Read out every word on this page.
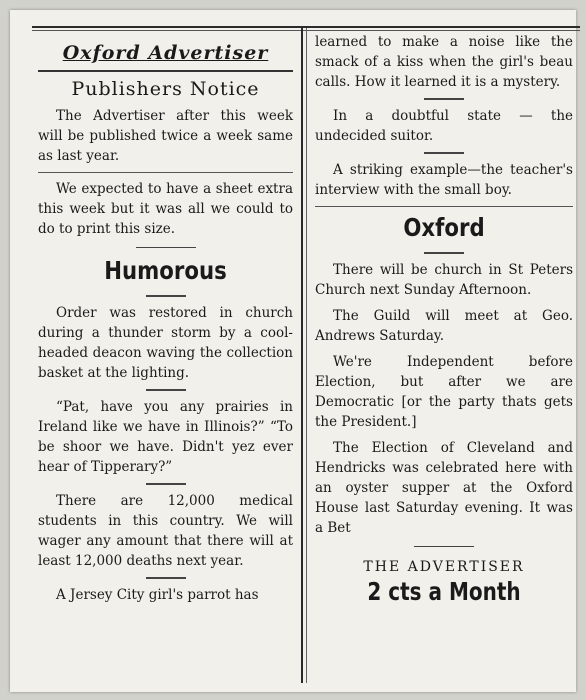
Oxford Advertiser
Publishers Notice

The Advertiser after this week will be published twice a week same as last year.

We expected to have a sheet extra this week but it was all we could to do to print this size.

Humorous

Order was restored in church during a thunder storm by a cool-headed deacon waving the collection basket at the lighting.

“Pat, have you any prairies in Ireland like we have in Illinois?” “To be shoor we have. Didn't yez ever hear of Tipperary?”

There are 12,000 medical students in this country. We will wager any amount that there will at least 12,000 deaths next year.

A Jersey City girl's parrot has

learned to make a noise like the smack of a kiss when the girl's beau calls. How it learned it is a mystery.

In a doubtful state — the undecided suitor.

A striking example—the teacher's interview with the small boy.

Oxford

There will be church in St Peters Church next Sunday Afternoon.

The Guild will meet at Geo. Andrews Saturday.

We're Independent before Election, but after we are Democratic [or the party thats gets the President.]

The Election of Cleveland and Hendricks was celebrated here with an oyster supper at the Oxford House last Saturday evening. It was a Bet

THE ADVERTISER
2 cts a Month
